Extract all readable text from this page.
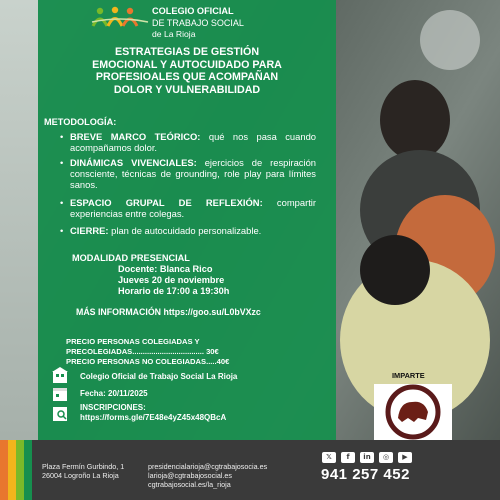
COLEGIO OFICIAL
DE TRABAJO SOCIAL
de La Rioja
ESTRATEGIAS DE GESTIÓN
EMOCIONAL Y AUTOCUIDADO PARA
PROFESIOALES QUE ACOMPAÑAN
DOLOR Y VULNERABILIDAD
METODOLOGÍA:
• BREVE MARCO TEÓRICO: qué nos pasa cuando acompañamos dolor.
• DINÁMICAS VIVENCIALES: ejercicios de respiración consciente, técnicas de grounding, role play para límites sanos.
• ESPACIO GRUPAL DE REFLEXIÓN: compartir experiencias entre colegas.
• CIERRE: plan de autocuidado personalizable.
MODALIDAD PRESENCIAL
Docente: Blanca Rico
Jueves 20 de noviembre
Horario de 17:00 a 19:30h
MÁS INFORMACIÓN https://goo.su/L0bVXzc
PRECIO PERSONAS COLEGIADAS Y
PRECOLEGIADAS.................................. 30€
PRECIO PERSONAS NO COLEGIADAS.....40€
Colegio Oficial de Trabajo Social La Rioja
Fecha: 20/11/2025
INSCRIPCIONES:
https://forms.gle/7E48e4yZ45x48QBcA
IMPARTE
Plaza Fermín Gurbindo, 1
26004 Logroño La Rioja
presidencialarioja@cgtrabajosocia.es
larioja@cgtrabajosocial.es
cgtrabajosocial.es/la_rioja
𝕏	f	in	◎	▶
941 257 452
